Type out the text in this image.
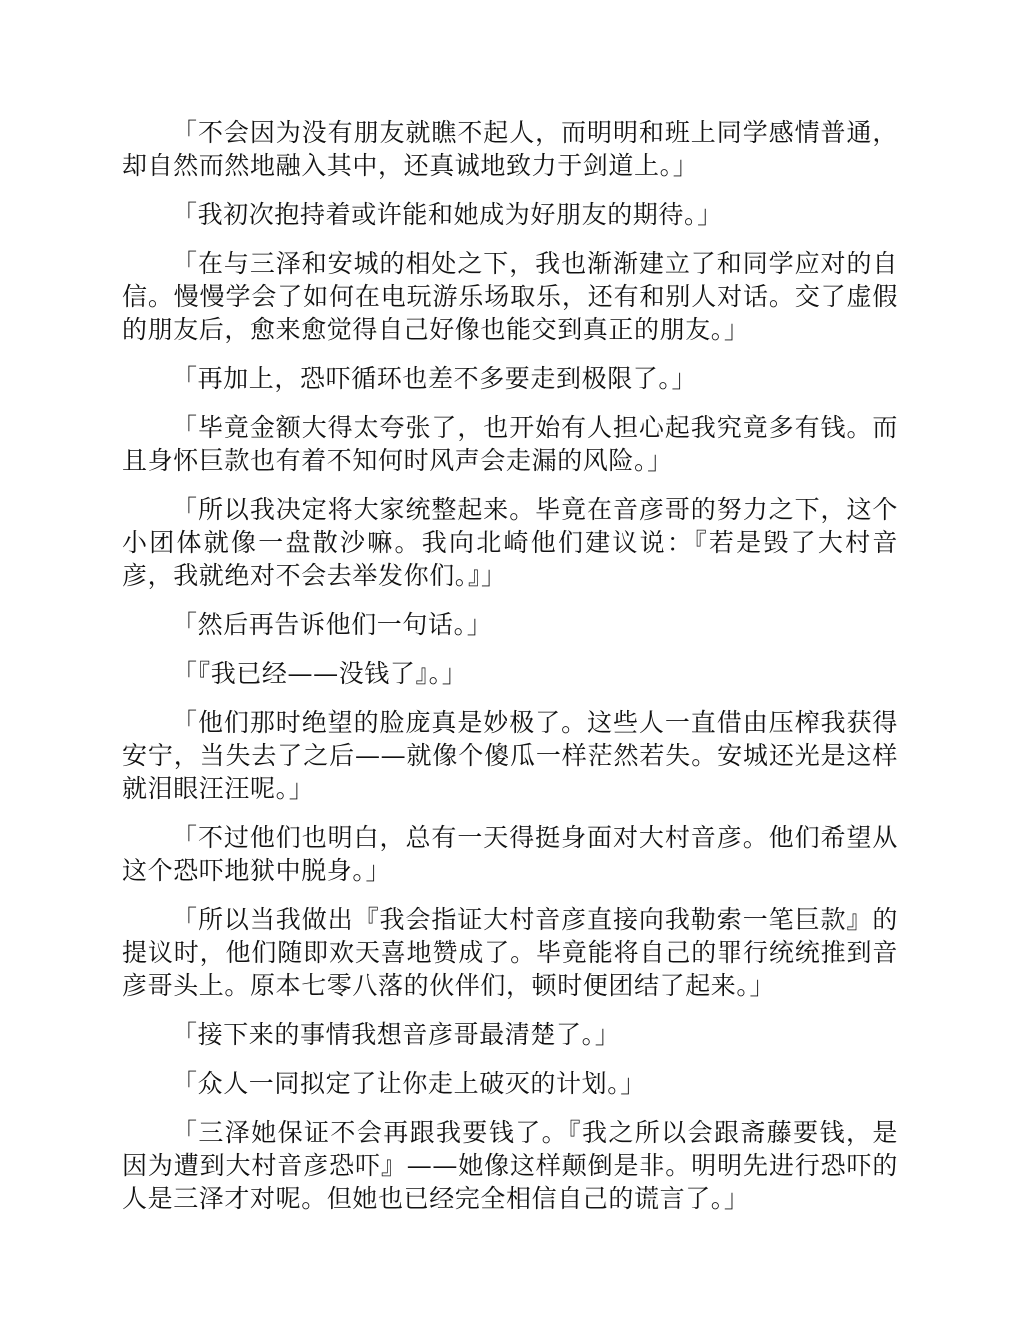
「不会因为没有朋友就瞧不起人，而明明和班上同学感情普通，却自然而然地融入其中，还真诚地致力于剑道上。」

「我初次抱持着或许能和她成为好朋友的期待。」

「在与三泽和安城的相处之下，我也渐渐建立了和同学应对的自信。慢慢学会了如何在电玩游乐场取乐，还有和别人对话。交了虚假的朋友后，愈来愈觉得自己好像也能交到真正的朋友。」

「再加上，恐吓循环也差不多要走到极限了。」

「毕竟金额大得太夸张了，也开始有人担心起我究竟多有钱。而且身怀巨款也有着不知何时风声会走漏的风险。」

「所以我决定将大家统整起来。毕竟在音彦哥的努力之下，这个小团体就像一盘散沙嘛。我向北崎他们建议说：『若是毁了大村音彦，我就绝对不会去举发你们。』」

「然后再告诉他们一句话。」

「『我已经——没钱了』。」

「他们那时绝望的脸庞真是妙极了。这些人一直借由压榨我获得安宁，当失去了之后——就像个傻瓜一样茫然若失。安城还光是这样就泪眼汪汪呢。」

「不过他们也明白，总有一天得挺身面对大村音彦。他们希望从这个恐吓地狱中脱身。」

「所以当我做出『我会指证大村音彦直接向我勒索一笔巨款』的提议时，他们随即欢天喜地赞成了。毕竟能将自己的罪行统统推到音彦哥头上。原本七零八落的伙伴们，顿时便团结了起来。」

「接下来的事情我想音彦哥最清楚了。」

「众人一同拟定了让你走上破灭的计划。」

「三泽她保证不会再跟我要钱了。『我之所以会跟斋藤要钱，是因为遭到大村音彦恐吓』——她像这样颠倒是非。明明先进行恐吓的人是三泽才对呢。但她也已经完全相信自己的谎言了。」
